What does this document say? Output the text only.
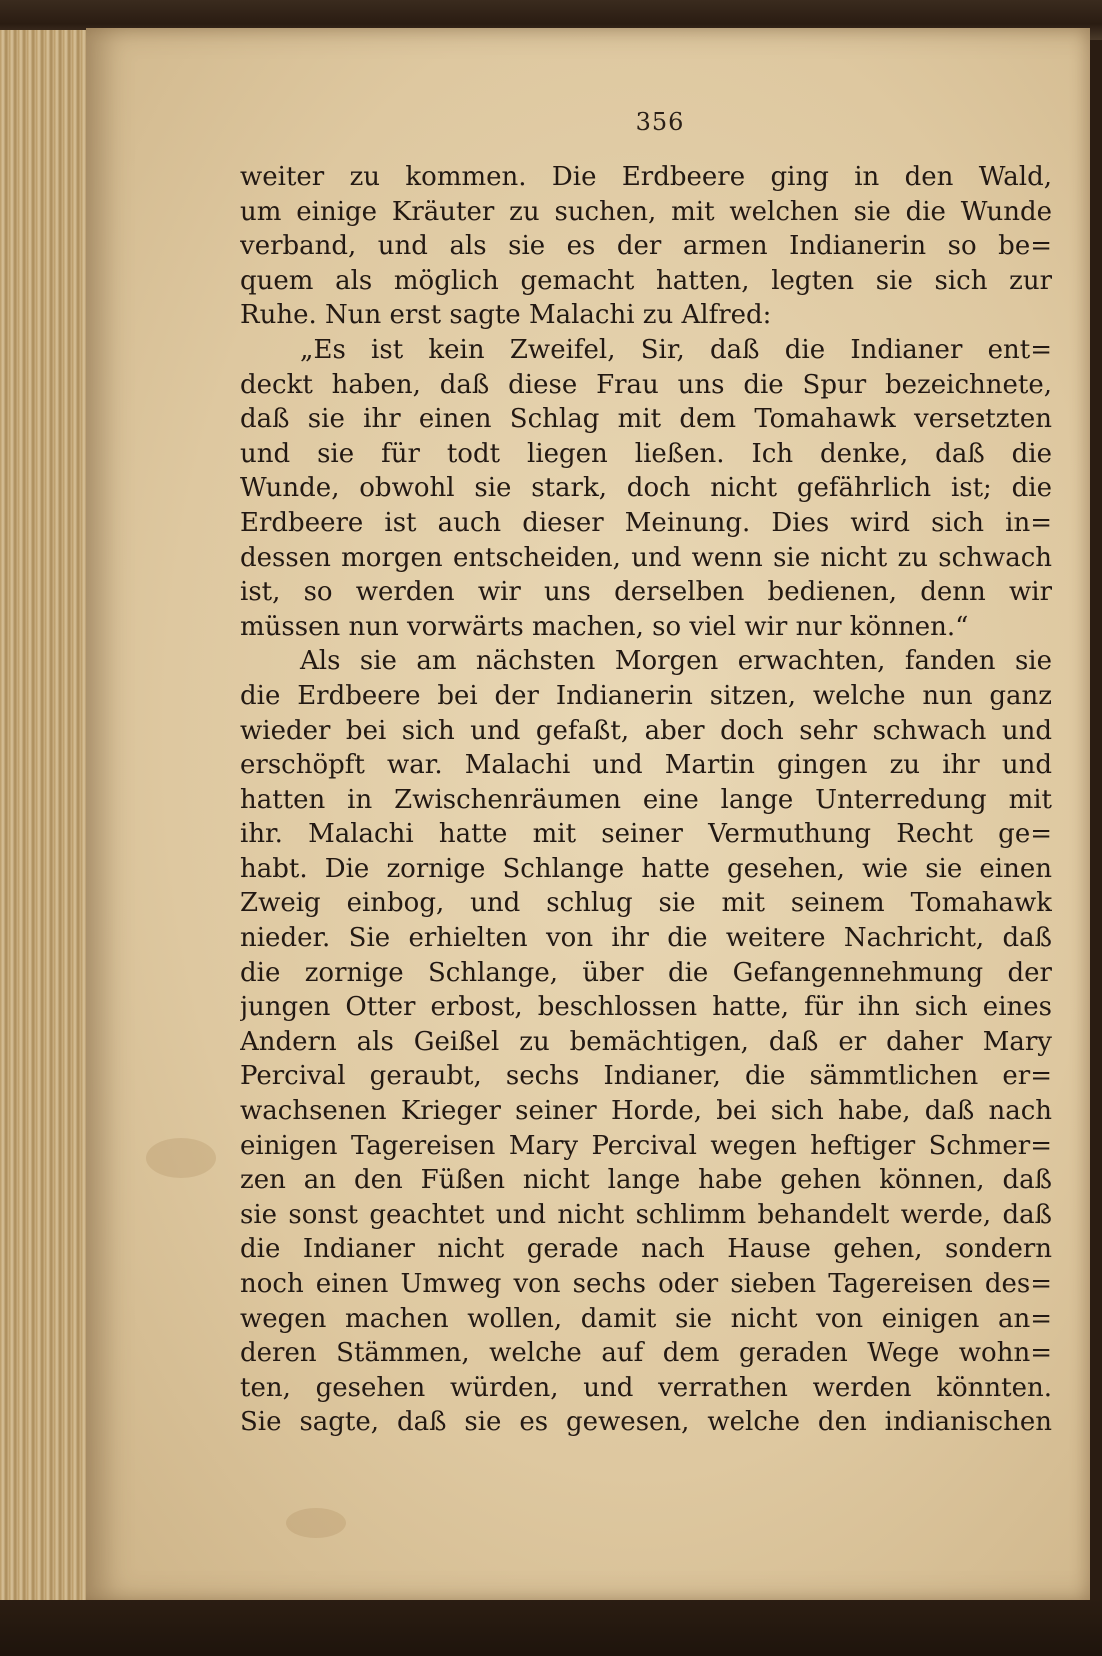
356
weiter zu kommen. Die Erdbeere ging in den Wald,
um einige Kräuter zu suchen, mit welchen sie die Wunde
verband, und als sie es der armen Indianerin so be=
quem als möglich gemacht hatten, legten sie sich zur
Ruhe. Nun erst sagte Malachi zu Alfred:
„Es ist kein Zweifel, Sir, daß die Indianer ent=
deckt haben, daß diese Frau uns die Spur bezeichnete,
daß sie ihr einen Schlag mit dem Tomahawk versetzten
und sie für todt liegen ließen. Ich denke, daß die
Wunde, obwohl sie stark, doch nicht gefährlich ist; die
Erdbeere ist auch dieser Meinung. Dies wird sich in=
dessen morgen entscheiden, und wenn sie nicht zu schwach
ist, so werden wir uns derselben bedienen, denn wir
müssen nun vorwärts machen, so viel wir nur können.“
Als sie am nächsten Morgen erwachten, fanden sie
die Erdbeere bei der Indianerin sitzen, welche nun ganz
wieder bei sich und gefaßt, aber doch sehr schwach und
erschöpft war. Malachi und Martin gingen zu ihr und
hatten in Zwischenräumen eine lange Unterredung mit
ihr. Malachi hatte mit seiner Vermuthung Recht ge=
habt. Die zornige Schlange hatte gesehen, wie sie einen
Zweig einbog, und schlug sie mit seinem Tomahawk
nieder. Sie erhielten von ihr die weitere Nachricht, daß
die zornige Schlange, über die Gefangennehmung der
jungen Otter erbost, beschlossen hatte, für ihn sich eines
Andern als Geißel zu bemächtigen, daß er daher Mary
Percival geraubt, sechs Indianer, die sämmtlichen er=
wachsenen Krieger seiner Horde, bei sich habe, daß nach
einigen Tagereisen Mary Percival wegen heftiger Schmer=
zen an den Füßen nicht lange habe gehen können, daß
sie sonst geachtet und nicht schlimm behandelt werde, daß
die Indianer nicht gerade nach Hause gehen, sondern
noch einen Umweg von sechs oder sieben Tagereisen des=
wegen machen wollen, damit sie nicht von einigen an=
deren Stämmen, welche auf dem geraden Wege wohn=
ten, gesehen würden, und verrathen werden könnten.
Sie sagte, daß sie es gewesen, welche den indianischen
